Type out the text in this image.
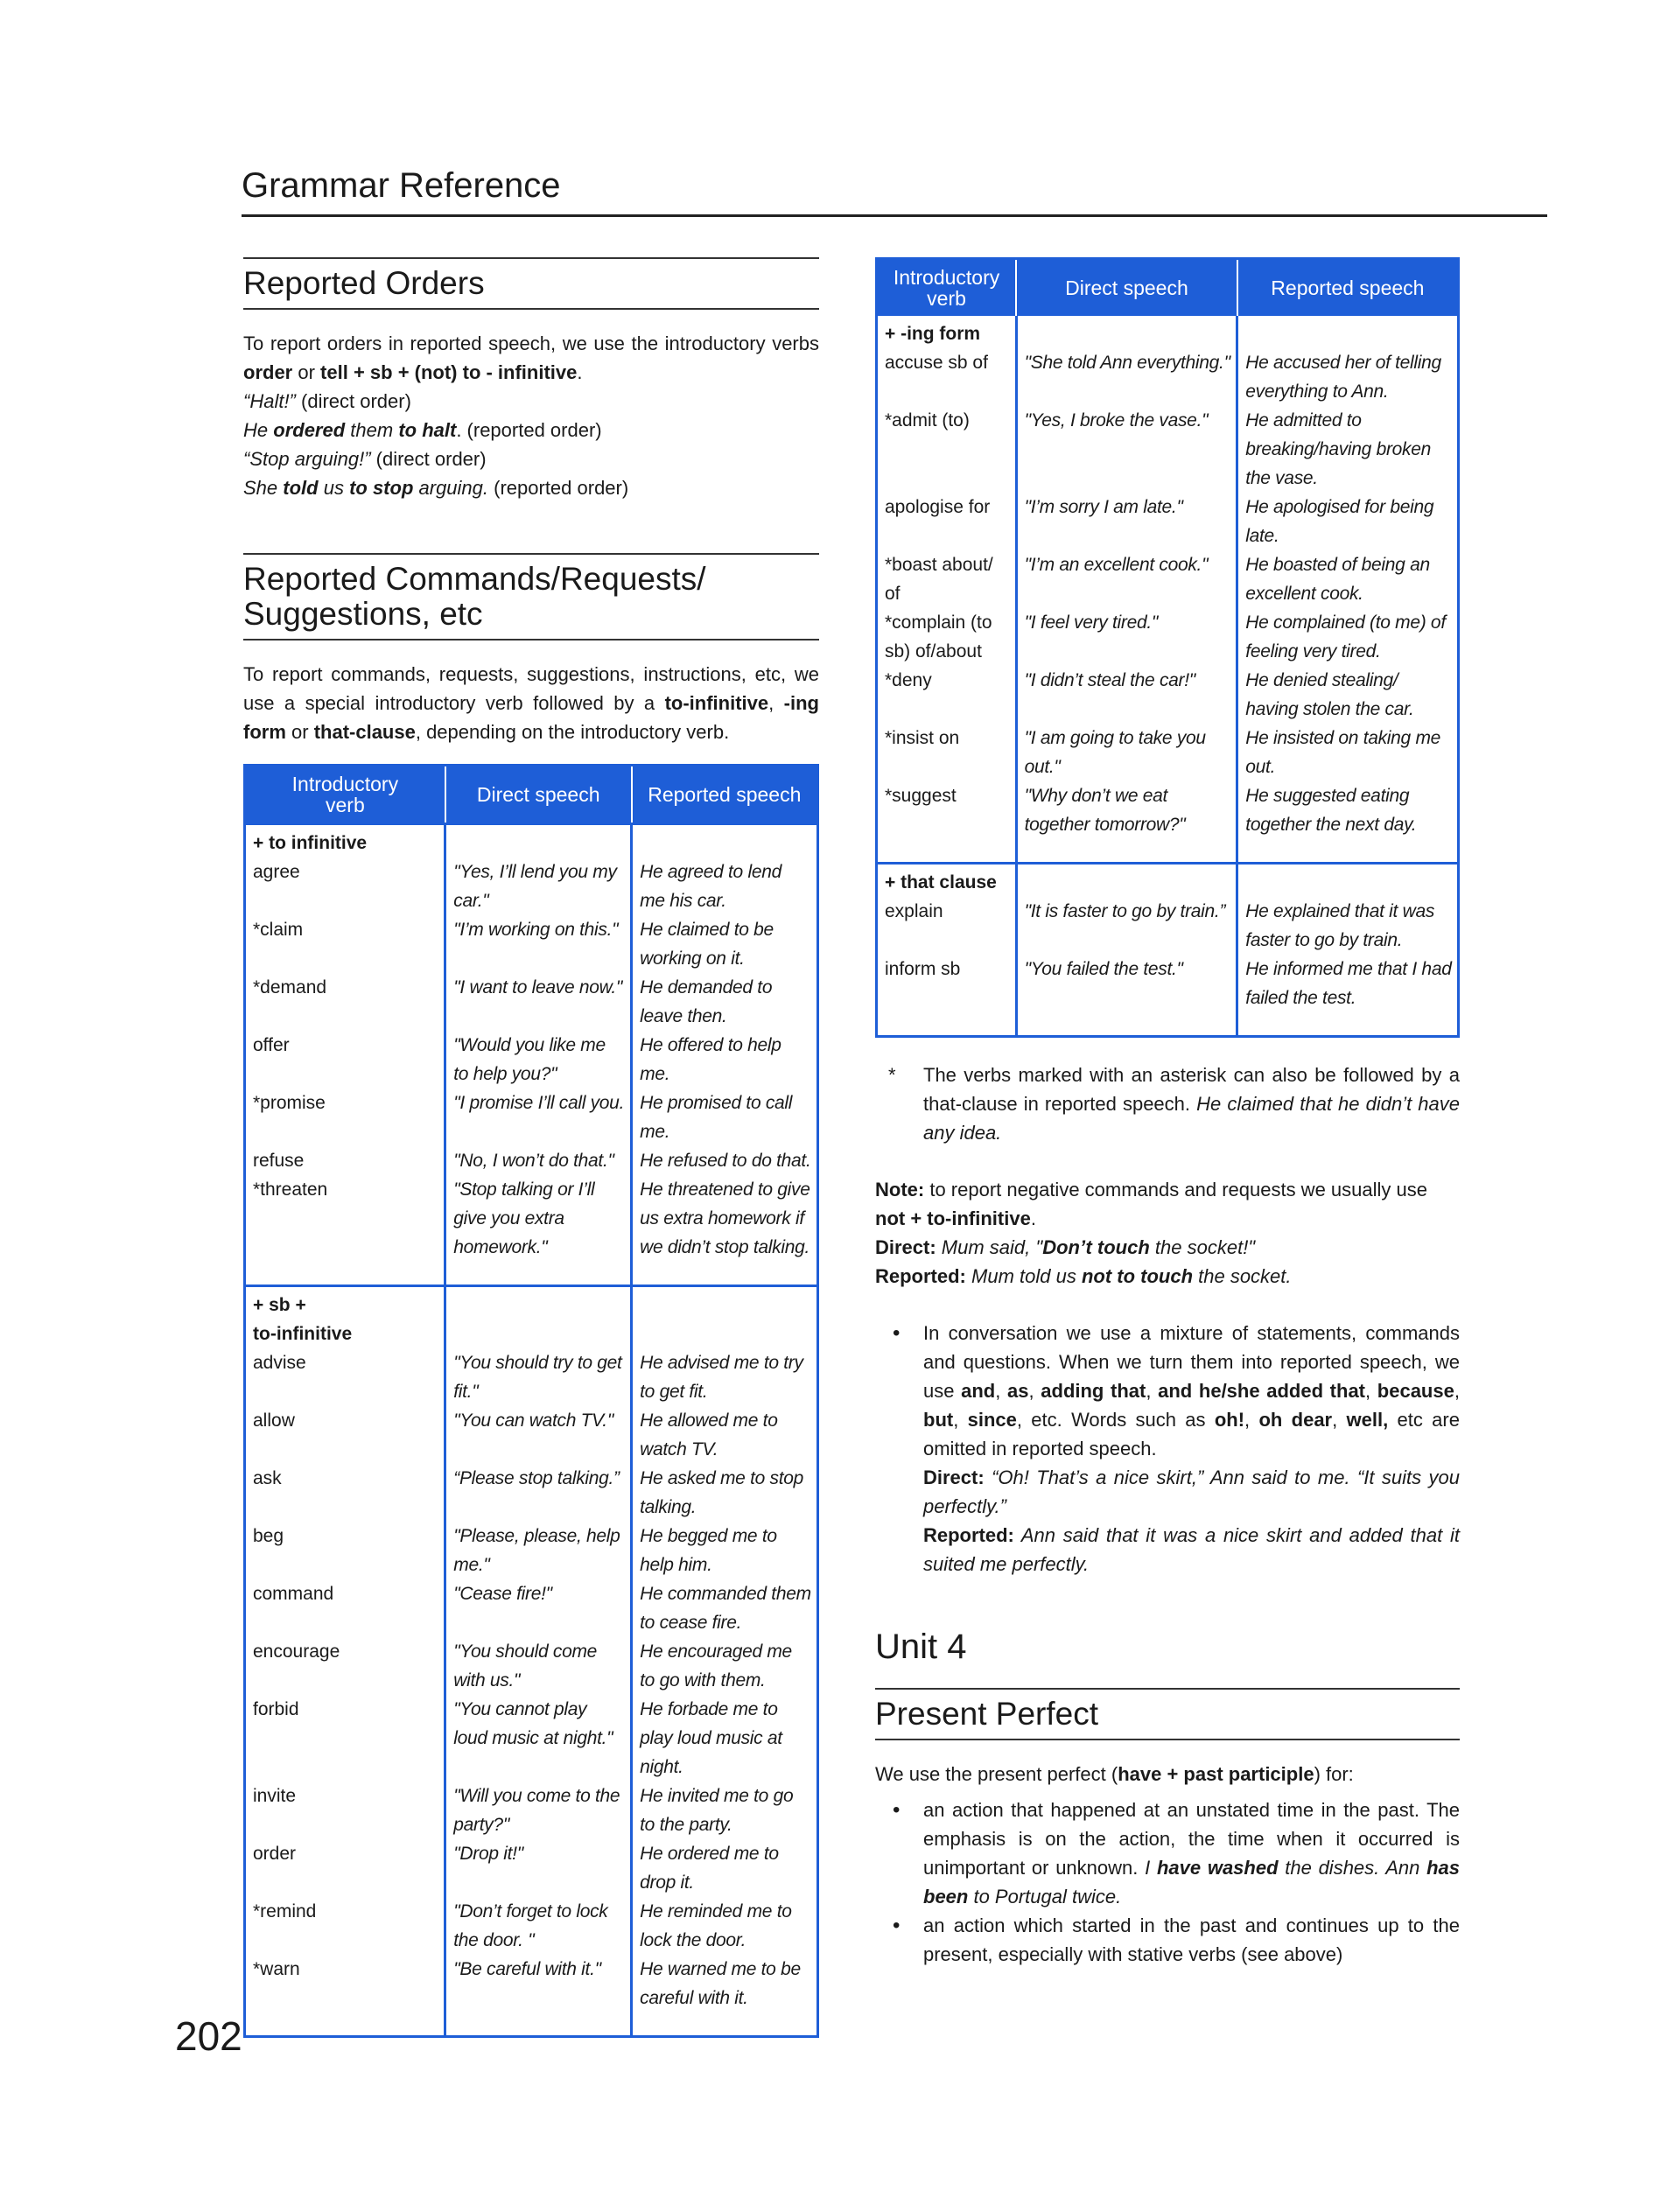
Grammar Reference
Reported Orders

To report orders in reported speech, we use the introductory verbs order or tell + sb + (not) to - infinitive.

“Halt!” (direct order)

He ordered them to halt. (reported order)

“Stop arguing!” (direct order)

She told us to stop arguing. (reported order)

Reported Commands/Requests/
Suggestions, etc

To report commands, requests, suggestions, instructions, etc, we use a special introductory verb followed by a to-infinitive, -ing form or that-clause, depending on the introductory verb.

Introductory
verb	Direct speech	Reported speech
+ to infinitive		
agree	"Yes, I’ll lend you my car."	He agreed to lend me his car.
*claim	"I’m working on this."	He claimed to be working on it.
*demand	"I want to leave now."	He demanded to leave then.
offer	"Would you like me to help you?"	He offered to help me.
*promise	"I promise I’ll call you.	He promised to call me.
refuse	"No, I won’t do that."	He refused to do that.
*threaten	"Stop talking or I’ll give you extra homework."	He threatened to give us extra homework if we didn’t stop talking.

+ sb +
to-infinitive		
advise	"You should try to get fit."	He advised me to try to get fit.
allow	"You can watch TV."	He allowed me to watch TV.
ask	“Please stop talking.”	He asked me to stop talking.
beg	"Please, please, help me."	He begged me to help him.
command	"Cease fire!"	He commanded them to cease fire.
encourage	"You should come with us."	He encouraged me to go with them.
forbid	"You cannot play loud music at night."	He forbade me to play loud music at night.
invite	"Will you come to the party?"	He invited me to go to the party.
order	"Drop it!"	He ordered me to drop it.
*remind	"Don’t forget to lock the door. "	He reminded me to lock the door.
*warn	"Be careful with it."	He warned me to be careful with it.

Introductory
verb	Direct speech	Reported speech
+ -ing form		
accuse sb of	"She told Ann everything."	He accused her of telling everything to Ann.
*admit (to)	"Yes, I broke the vase."	He admitted to breaking/having broken the vase.
apologise for	"I’m sorry I am late."	He apologised for being late.
*boast about/ of	"I’m an excellent cook."	He boasted of being an excellent cook.
*complain (to sb) of/about	"I feel very tired."	He complained (to me) of feeling very tired.
*deny	"I didn’t steal the car!"	He denied stealing/ having stolen the car.
*insist on	"I am going to take you out."	He insisted on taking me out.
*suggest	"Why don’t we eat together tomorrow?"	He suggested eating together the next day.

+ that clause		
explain	"It is faster to go by train.”	He explained that it was faster to go by train.
inform sb	"You failed the test."	He informed me that I had failed the test.

* The verbs marked with an asterisk can also be followed by a that-clause in reported speech. He claimed that he didn’t have any idea.

Note: to report negative commands and requests we usually use not + to-infinitive.

Direct: Mum said, "Don’t touch the socket!"

Reported: Mum told us not to touch the socket.

• In conversation we use a mixture of statements, commands and questions. When we turn them into reported speech, we use and, as, adding that, and he/she added that, because, but, since, etc. Words such as oh!, oh dear, well, etc are omitted in reported speech.
Direct: “Oh! That’s a nice skirt,” Ann said to me. “It suits you perfectly.”
Reported: Ann said that it was a nice skirt and added that it suited me perfectly.
Unit 4
Present Perfect

We use the present perfect (have + past participle) for:

• an action that happened at an unstated time in the past. The emphasis is on the action, the time when it occurred is unimportant or unknown. I have washed the dishes. Ann has been to Portugal twice.
• an action which started in the past and continues up to the present, especially with stative verbs (see above)
202
